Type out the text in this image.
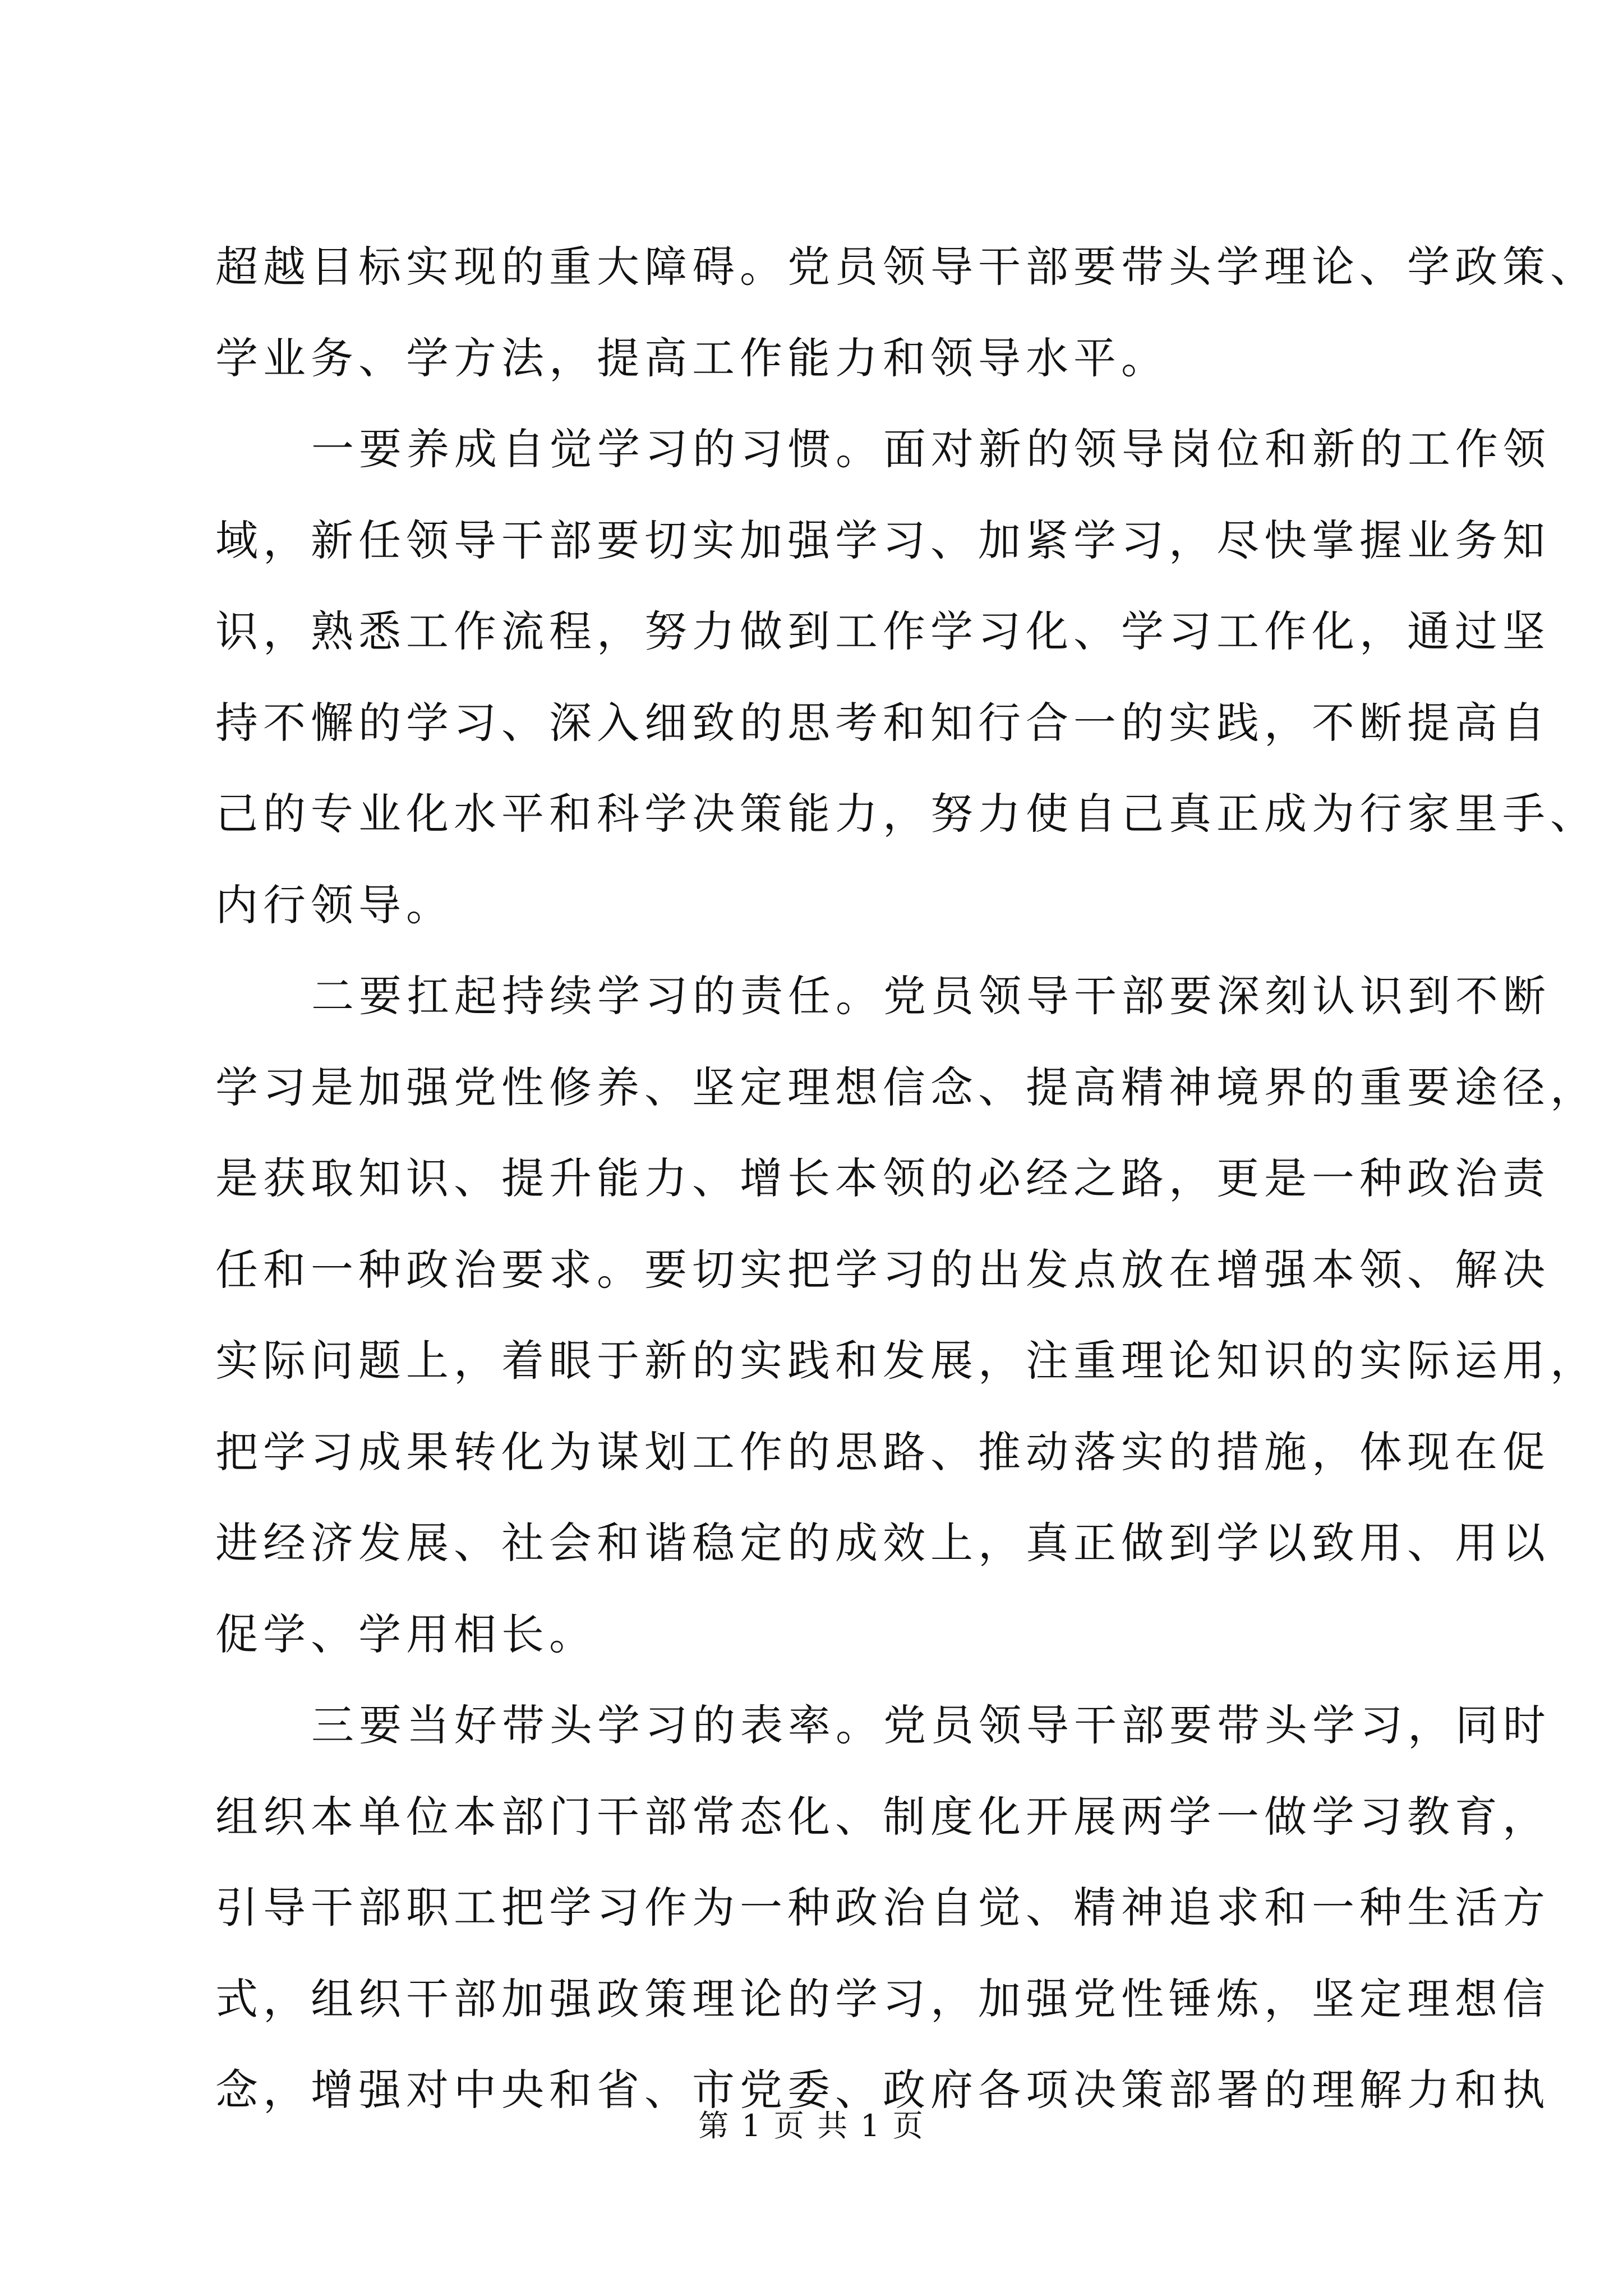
超越目标实现的重大障碍。党员领导干部要带头学理论、学政策、
学业务、学方法，提高工作能力和领导水平。

一要养成自觉学习的习惯。面对新的领导岗位和新的工作领
域，新任领导干部要切实加强学习、加紧学习，尽快掌握业务知
识，熟悉工作流程，努力做到工作学习化、学习工作化，通过坚
持不懈的学习、深入细致的思考和知行合一的实践，不断提高自
己的专业化水平和科学决策能力，努力使自己真正成为行家里手、
内行领导。

二要扛起持续学习的责任。党员领导干部要深刻认识到不断
学习是加强党性修养、坚定理想信念、提高精神境界的重要途径，
是获取知识、提升能力、增长本领的必经之路，更是一种政治责
任和一种政治要求。要切实把学习的出发点放在增强本领、解决
实际问题上，着眼于新的实践和发展，注重理论知识的实际运用，
把学习成果转化为谋划工作的思路、推动落实的措施，体现在促
进经济发展、社会和谐稳定的成效上，真正做到学以致用、用以
促学、学用相长。

三要当好带头学习的表率。党员领导干部要带头学习，同时
组织本单位本部门干部常态化、制度化开展两学一做学习教育，
引导干部职工把学习作为一种政治自觉、精神追求和一种生活方
式，组织干部加强政策理论的学习，加强党性锤炼，坚定理想信
念，增强对中央和省、市党委、政府各项决策部署的理解力和执

第 1 页 共 1 页
